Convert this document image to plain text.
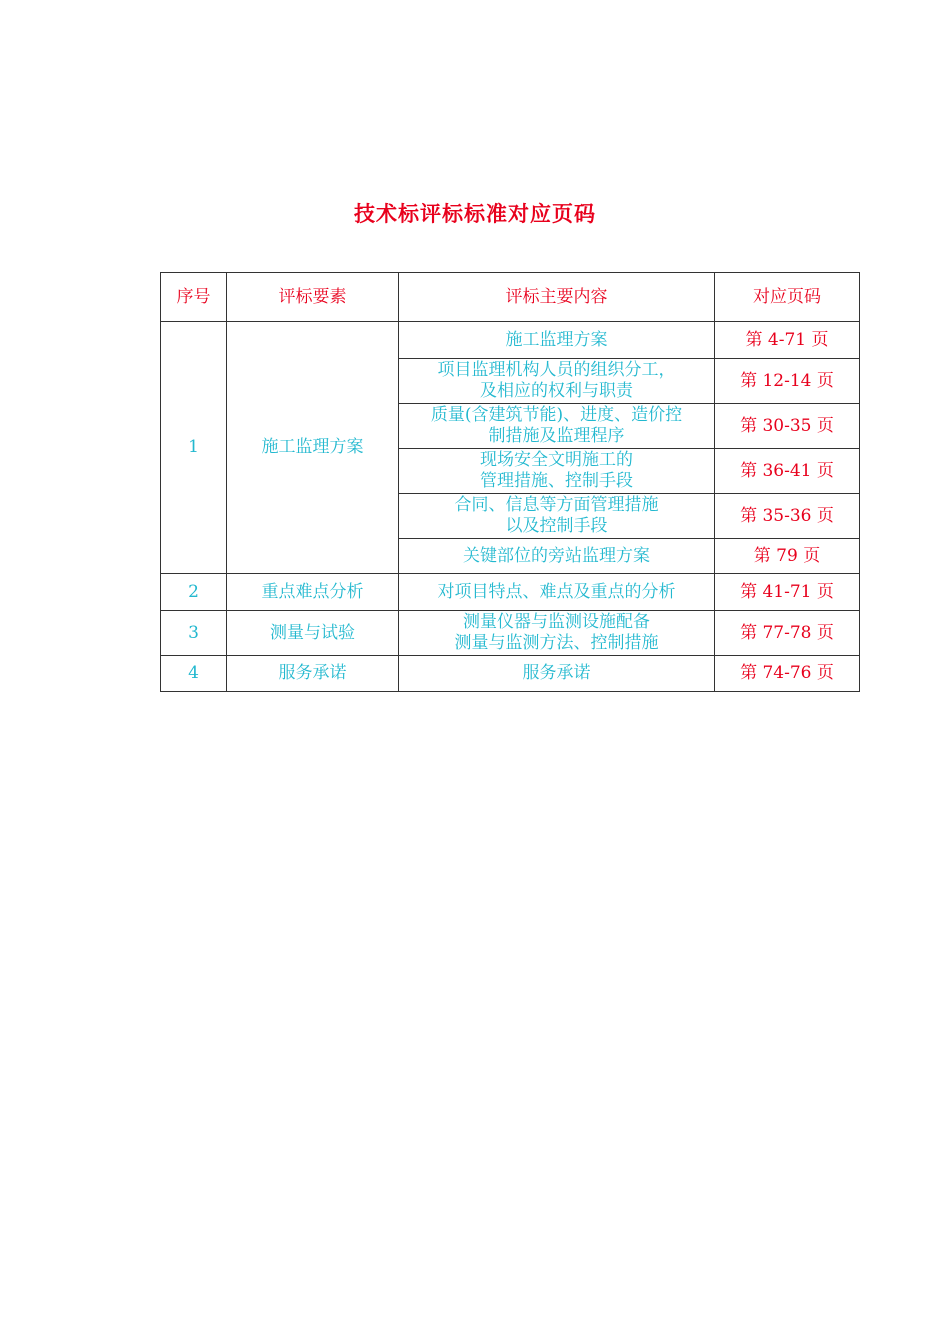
技术标评标标准对应页码
序号	评标要素	评标主要内容	对应页码
1	施工监理方案	施工监理方案	第 4-71 页
		项目监理机构人员的组织分工，
及相应的权利与职责	第 12-14 页
		质量(含建筑节能)、进度、造价控
制措施及监理程序	第 30-35 页
		现场安全文明施工的
管理措施、控制手段	第 36-41 页
		合同、信息等方面管理措施
以及控制手段	第 35-36 页
		关键部位的旁站监理方案	第 79 页
2	重点难点分析	对项目特点、难点及重点的分析	第 41-71 页
3	测量与试验	测量仪器与监测设施配备
测量与监测方法、控制措施	第 77-78 页
4	服务承诺	服务承诺	第 74-76 页
